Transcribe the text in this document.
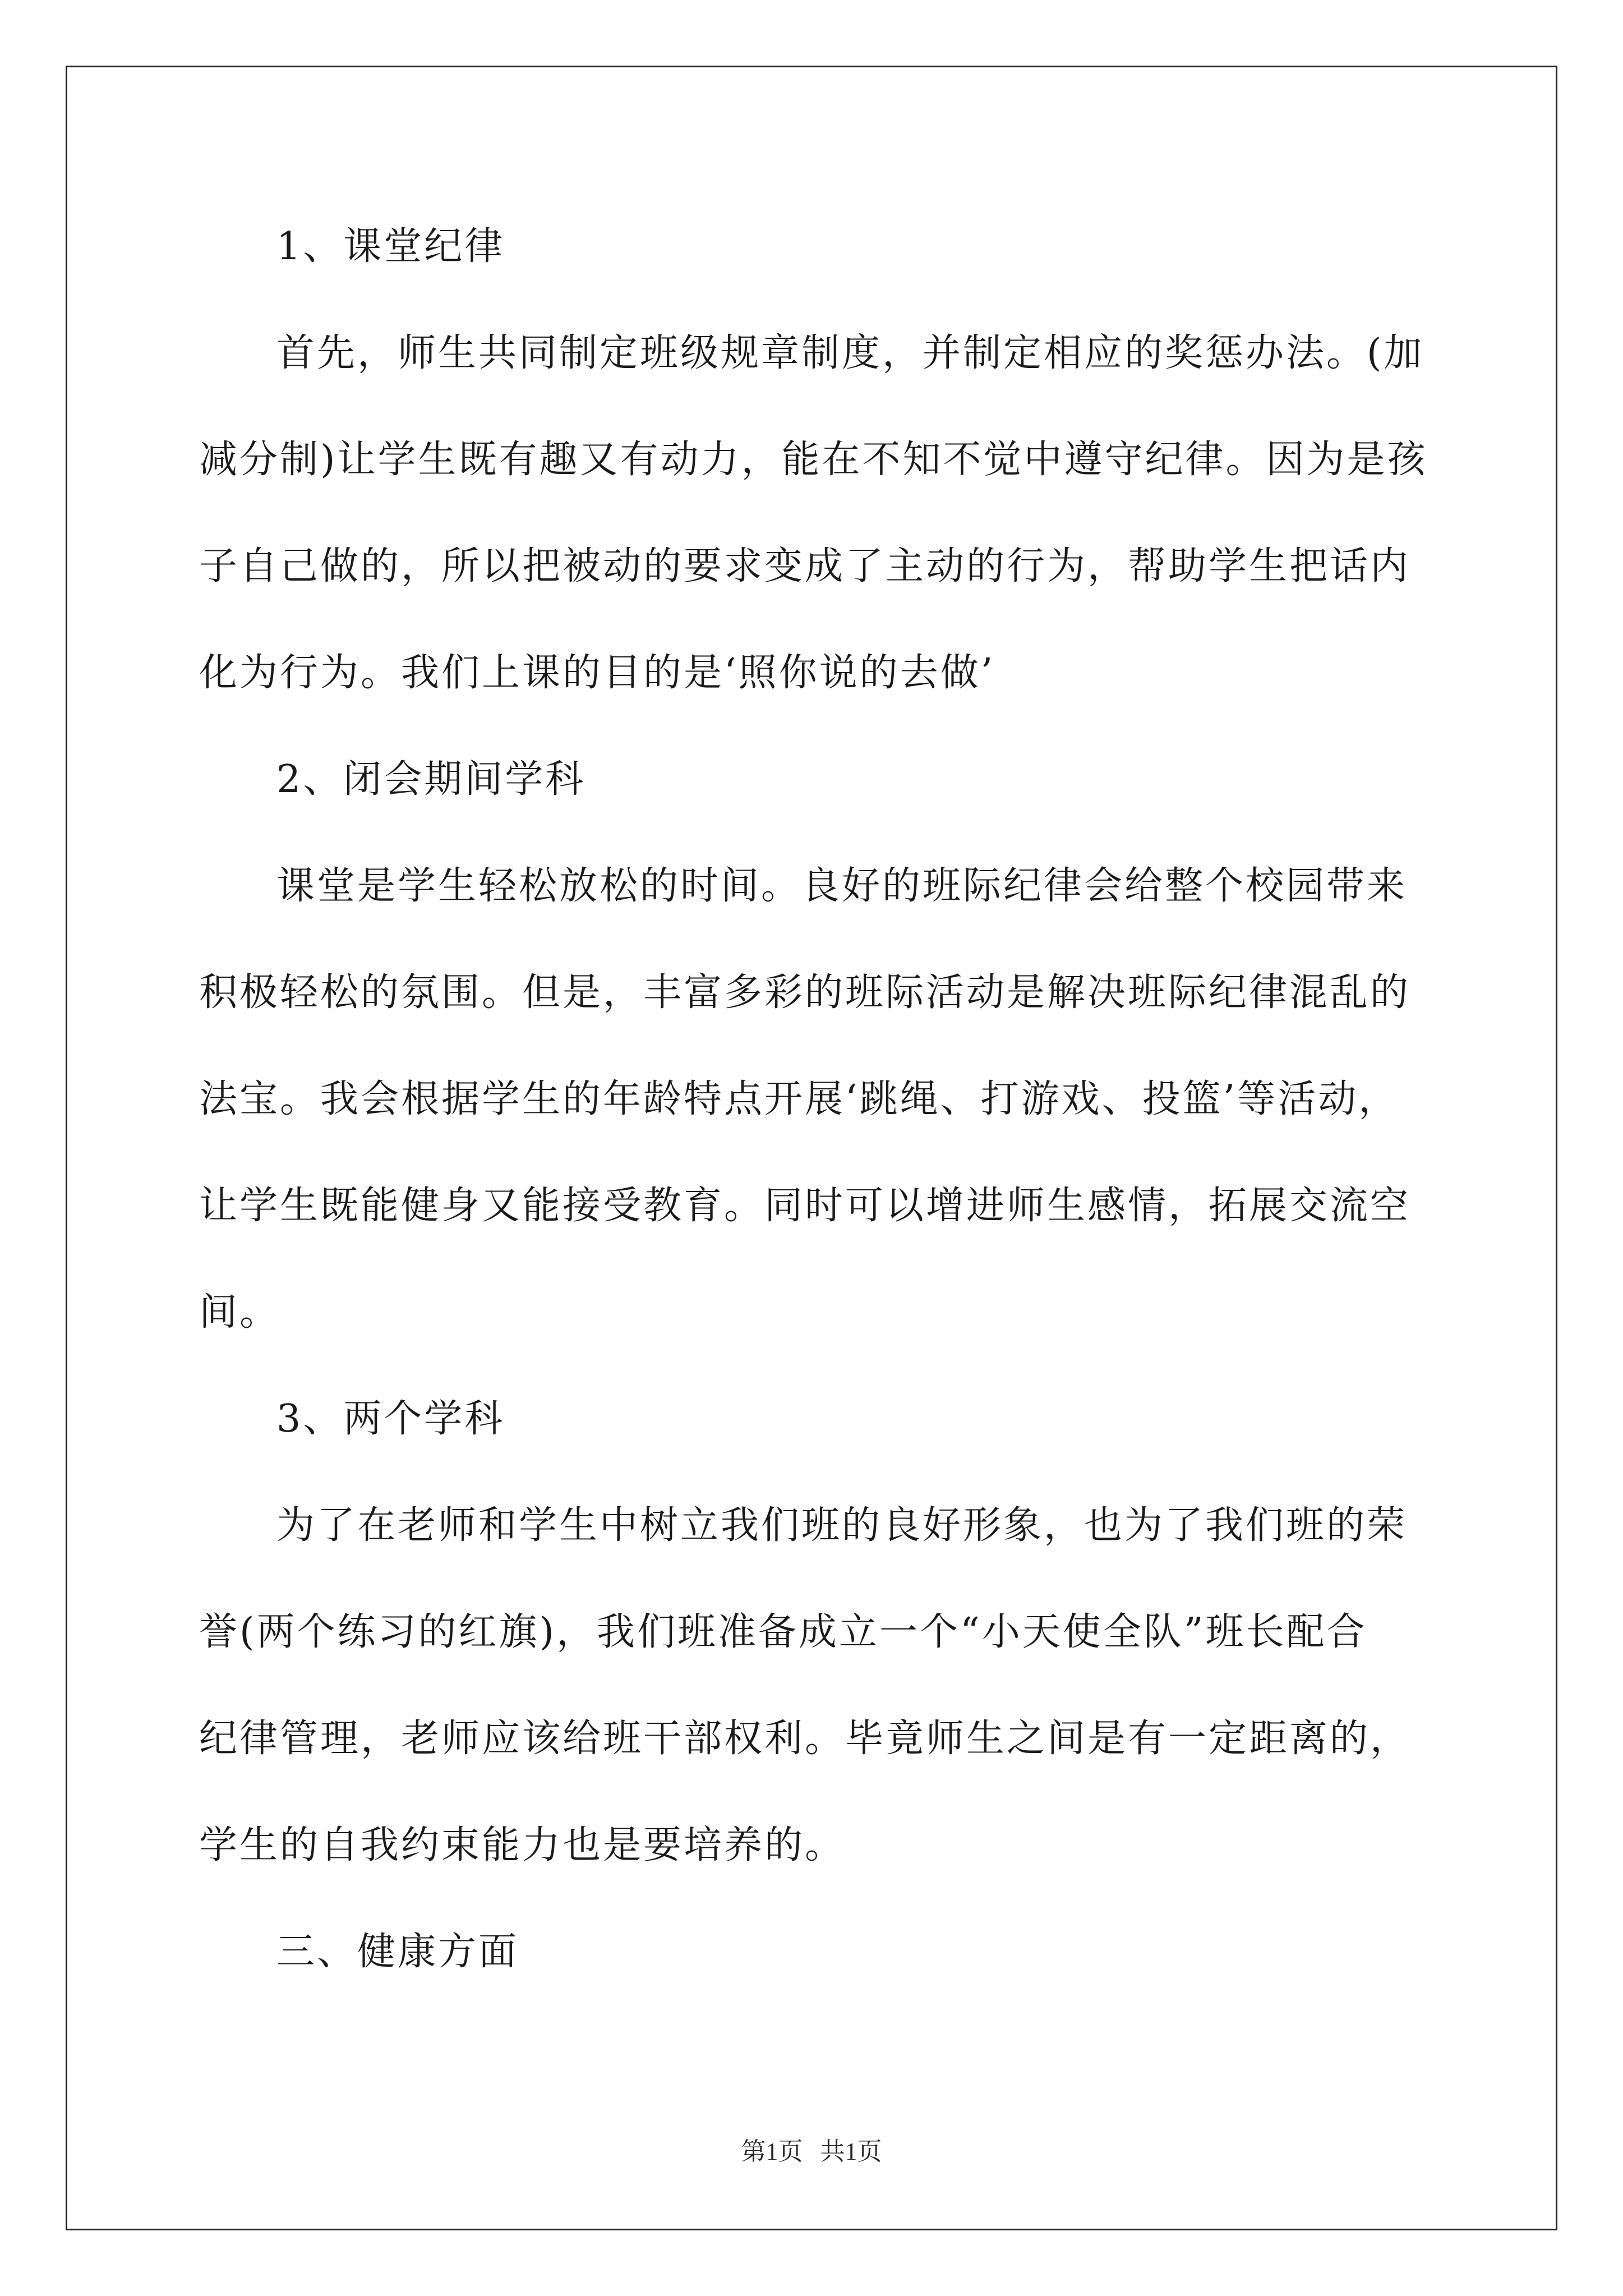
1、课堂纪律
首先，师生共同制定班级规章制度，并制定相应的奖惩办法。(加
减分制)让学生既有趣又有动力，能在不知不觉中遵守纪律。因为是孩
子自己做的，所以把被动的要求变成了主动的行为，帮助学生把话内
化为行为。我们上课的目的是‘照你说的去做’
2、闭会期间学科
课堂是学生轻松放松的时间。良好的班际纪律会给整个校园带来
积极轻松的氛围。但是，丰富多彩的班际活动是解决班际纪律混乱的
法宝。我会根据学生的年龄特点开展‘跳绳、打游戏、投篮’等活动，
让学生既能健身又能接受教育。同时可以增进师生感情，拓展交流空
间。
3、两个学科
为了在老师和学生中树立我们班的良好形象，也为了我们班的荣
誉(两个练习的红旗)，我们班准备成立一个“小天使全队”班长配合
纪律管理，老师应该给班干部权利。毕竟师生之间是有一定距离的，
学生的自我约束能力也是要培养的。
三、健康方面
第1页 共1页
